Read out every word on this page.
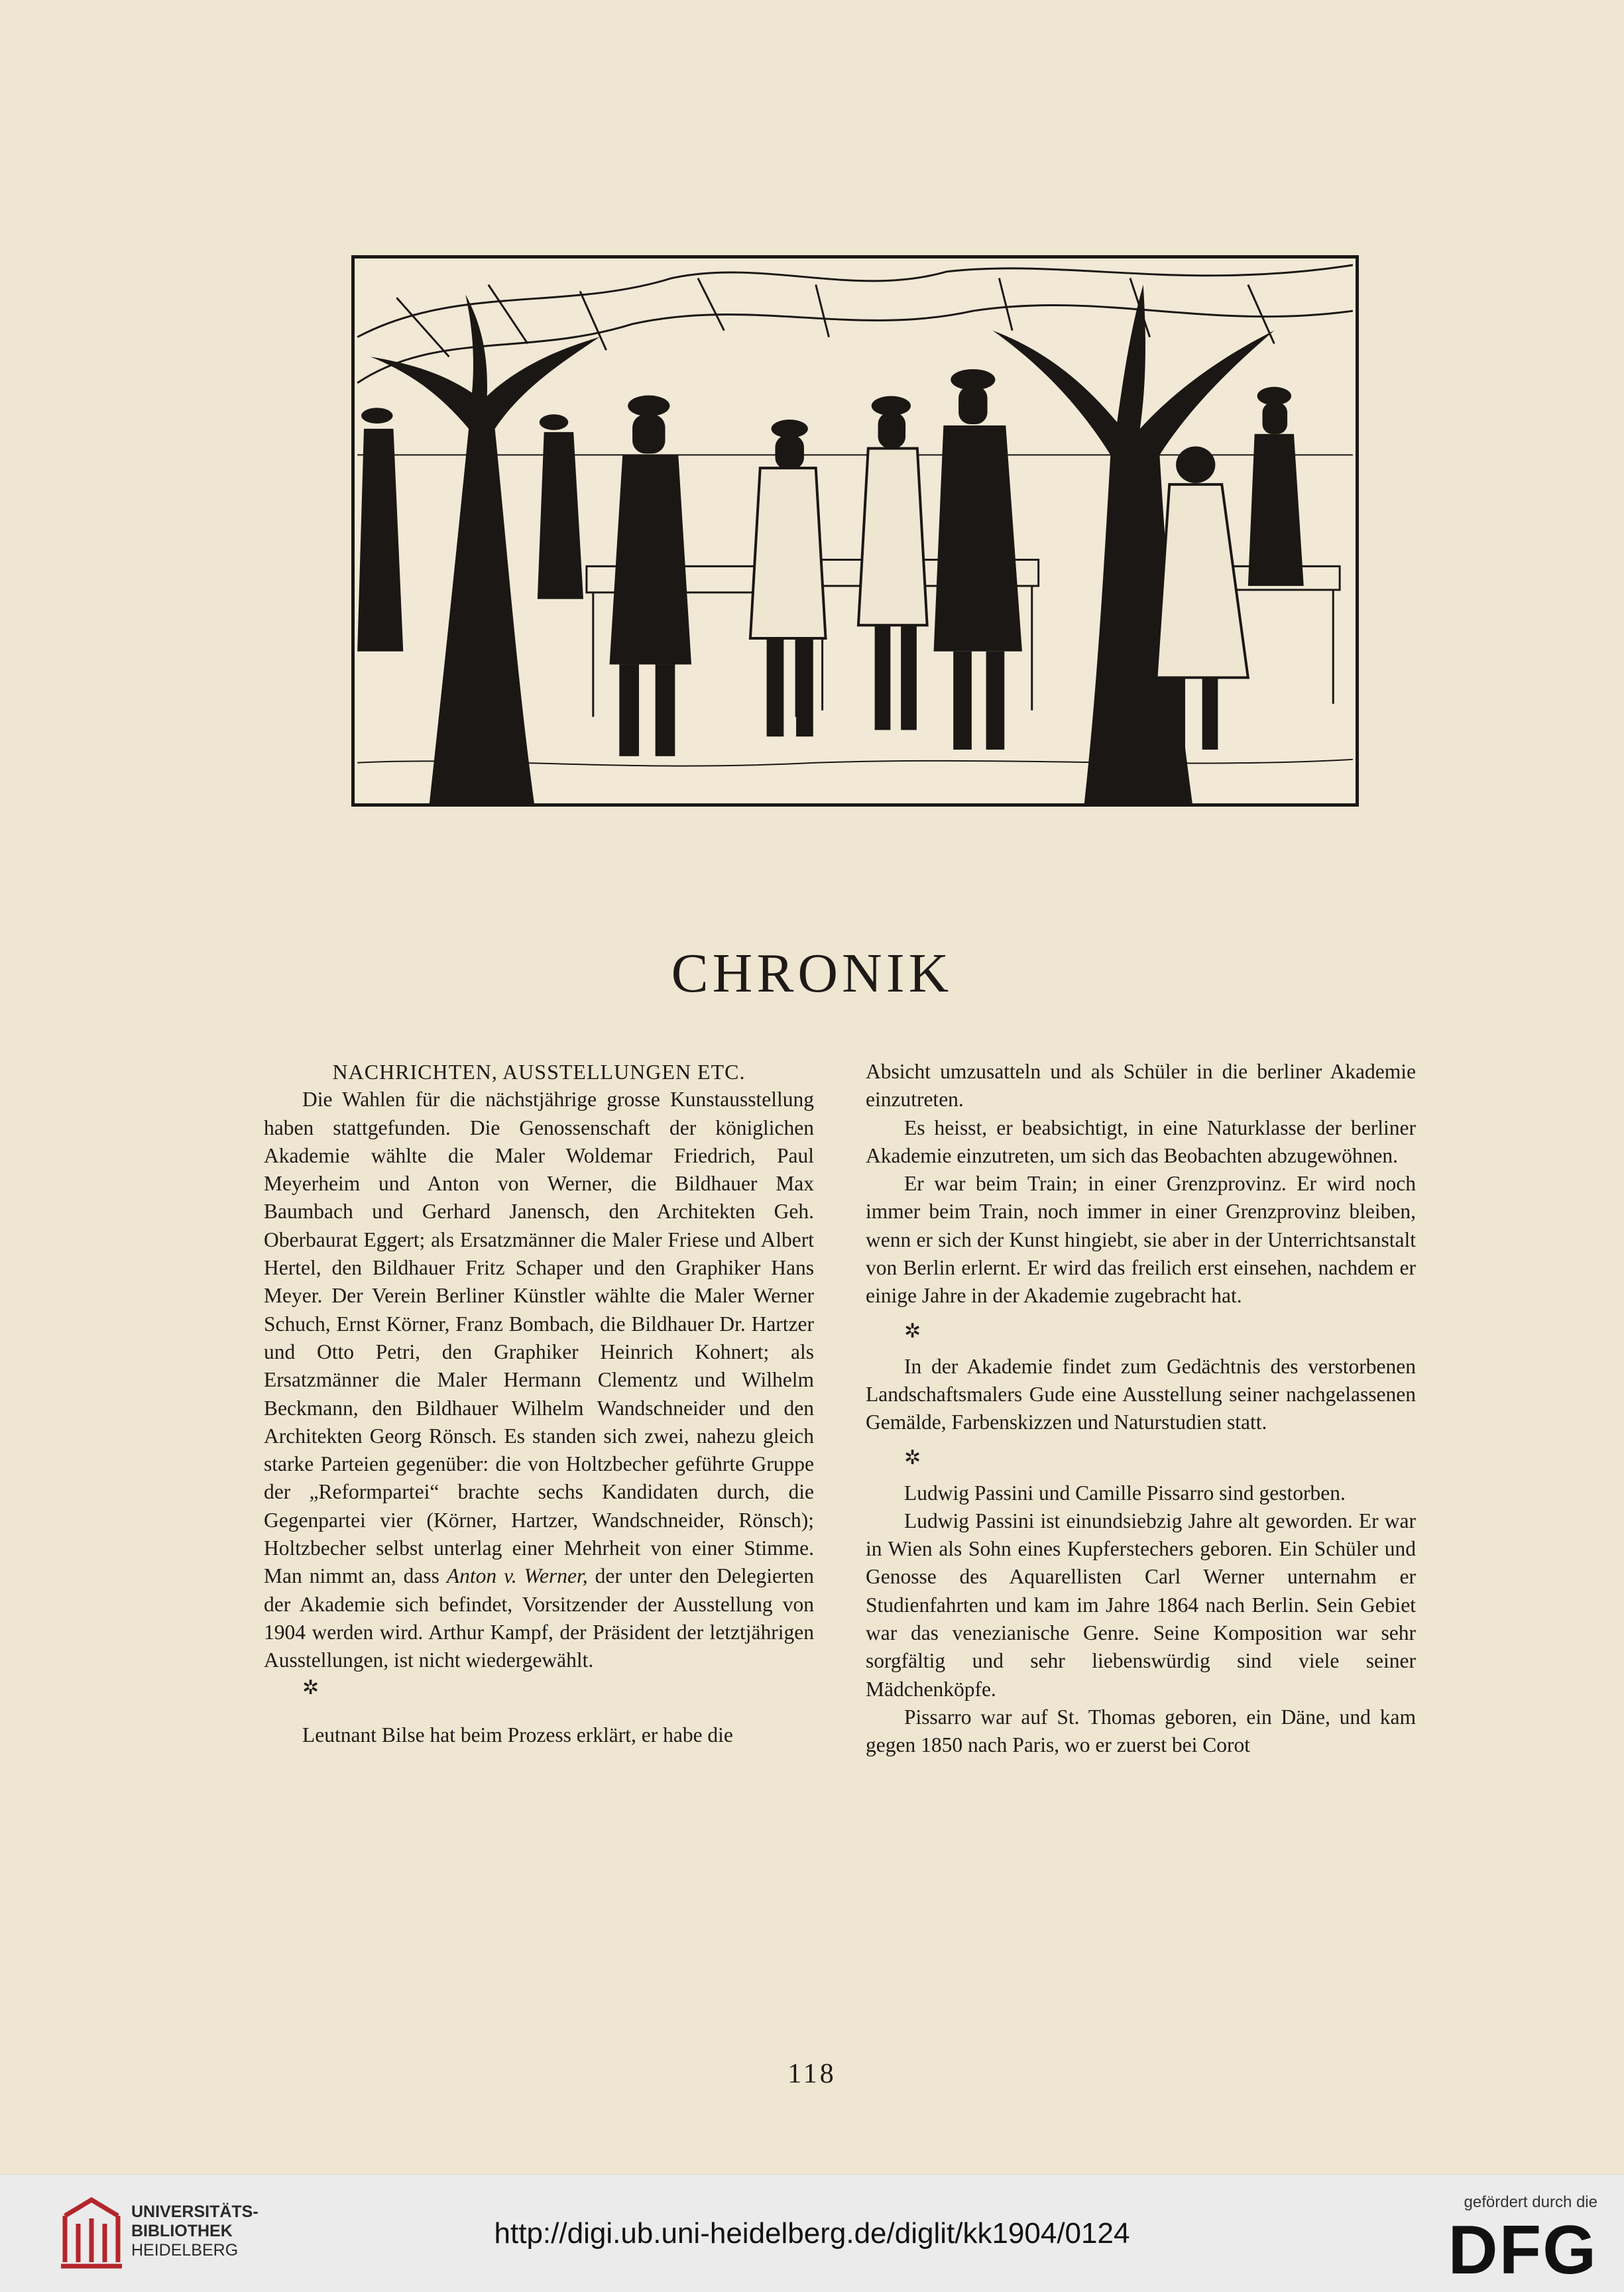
CHRONIK
NACHRICHTEN, AUSSTELLUNGEN ETC.

Die Wahlen für die nächstjährige grosse Kunstausstellung haben stattgefunden. Die Genossenschaft der königlichen Akademie wählte die Maler Woldemar Friedrich, Paul Meyerheim und Anton von Werner, die Bildhauer Max Baumbach und Gerhard Janensch, den Architekten Geh. Oberbaurat Eggert; als Ersatzmänner die Maler Friese und Albert Hertel, den Bildhauer Fritz Schaper und den Graphiker Hans Meyer. Der Verein Berliner Künstler wählte die Maler Werner Schuch, Ernst Körner, Franz Bombach, die Bildhauer Dr. Hartzer und Otto Petri, den Graphiker Heinrich Kohnert; als Ersatzmänner die Maler Hermann Clementz und Wilhelm Beckmann, den Bildhauer Wilhelm Wandschneider und den Architekten Georg Rönsch. Es standen sich zwei, nahezu gleich starke Parteien gegenüber: die von Holtzbecher geführte Gruppe der „Reformpartei“ brachte sechs Kandidaten durch, die Gegenpartei vier (Körner, Hartzer, Wandschneider, Rönsch); Holtzbecher selbst unterlag einer Mehrheit von einer Stimme. Man nimmt an, dass Anton v. Werner, der unter den Delegierten der Akademie sich befindet, Vorsitzender der Ausstellung von 1904 werden wird. Arthur Kampf, der Präsident der letztjährigen Ausstellungen, ist nicht wiedergewählt.

✲

Leutnant Bilse hat beim Prozess erklärt, er habe die

Absicht umzusatteln und als Schüler in die berliner Akademie einzutreten.

Es heisst, er beabsichtigt, in eine Naturklasse der berliner Akademie einzutreten, um sich das Beobachten abzugewöhnen.

Er war beim Train; in einer Grenzprovinz. Er wird noch immer beim Train, noch immer in einer Grenzprovinz bleiben, wenn er sich der Kunst hingiebt, sie aber in der Unterrichtsanstalt von Berlin erlernt. Er wird das freilich erst einsehen, nachdem er einige Jahre in der Akademie zugebracht hat.

✲

In der Akademie findet zum Gedächtnis des verstorbenen Landschaftsmalers Gude eine Ausstellung seiner nachgelassenen Gemälde, Farbenskizzen und Naturstudien statt.

✲

Ludwig Passini und Camille Pissarro sind gestorben.

Ludwig Passini ist einundsiebzig Jahre alt geworden. Er war in Wien als Sohn eines Kupferstechers geboren. Ein Schüler und Genosse des Aquarellisten Carl Werner unternahm er Studienfahrten und kam im Jahre 1864 nach Berlin. Sein Gebiet war das venezianische Genre. Seine Komposition war sehr sorgfältig und sehr liebenswürdig sind viele seiner Mädchenköpfe.

Pissarro war auf St. Thomas geboren, ein Däne, und kam gegen 1850 nach Paris, wo er zuerst bei Corot

118
UNIVERSITÄTS-
BIBLIOTHEK
HEIDELBERG
http://digi.ub.uni-heidelberg.de/diglit/kk1904/0124
gefördert durch die
DFG
